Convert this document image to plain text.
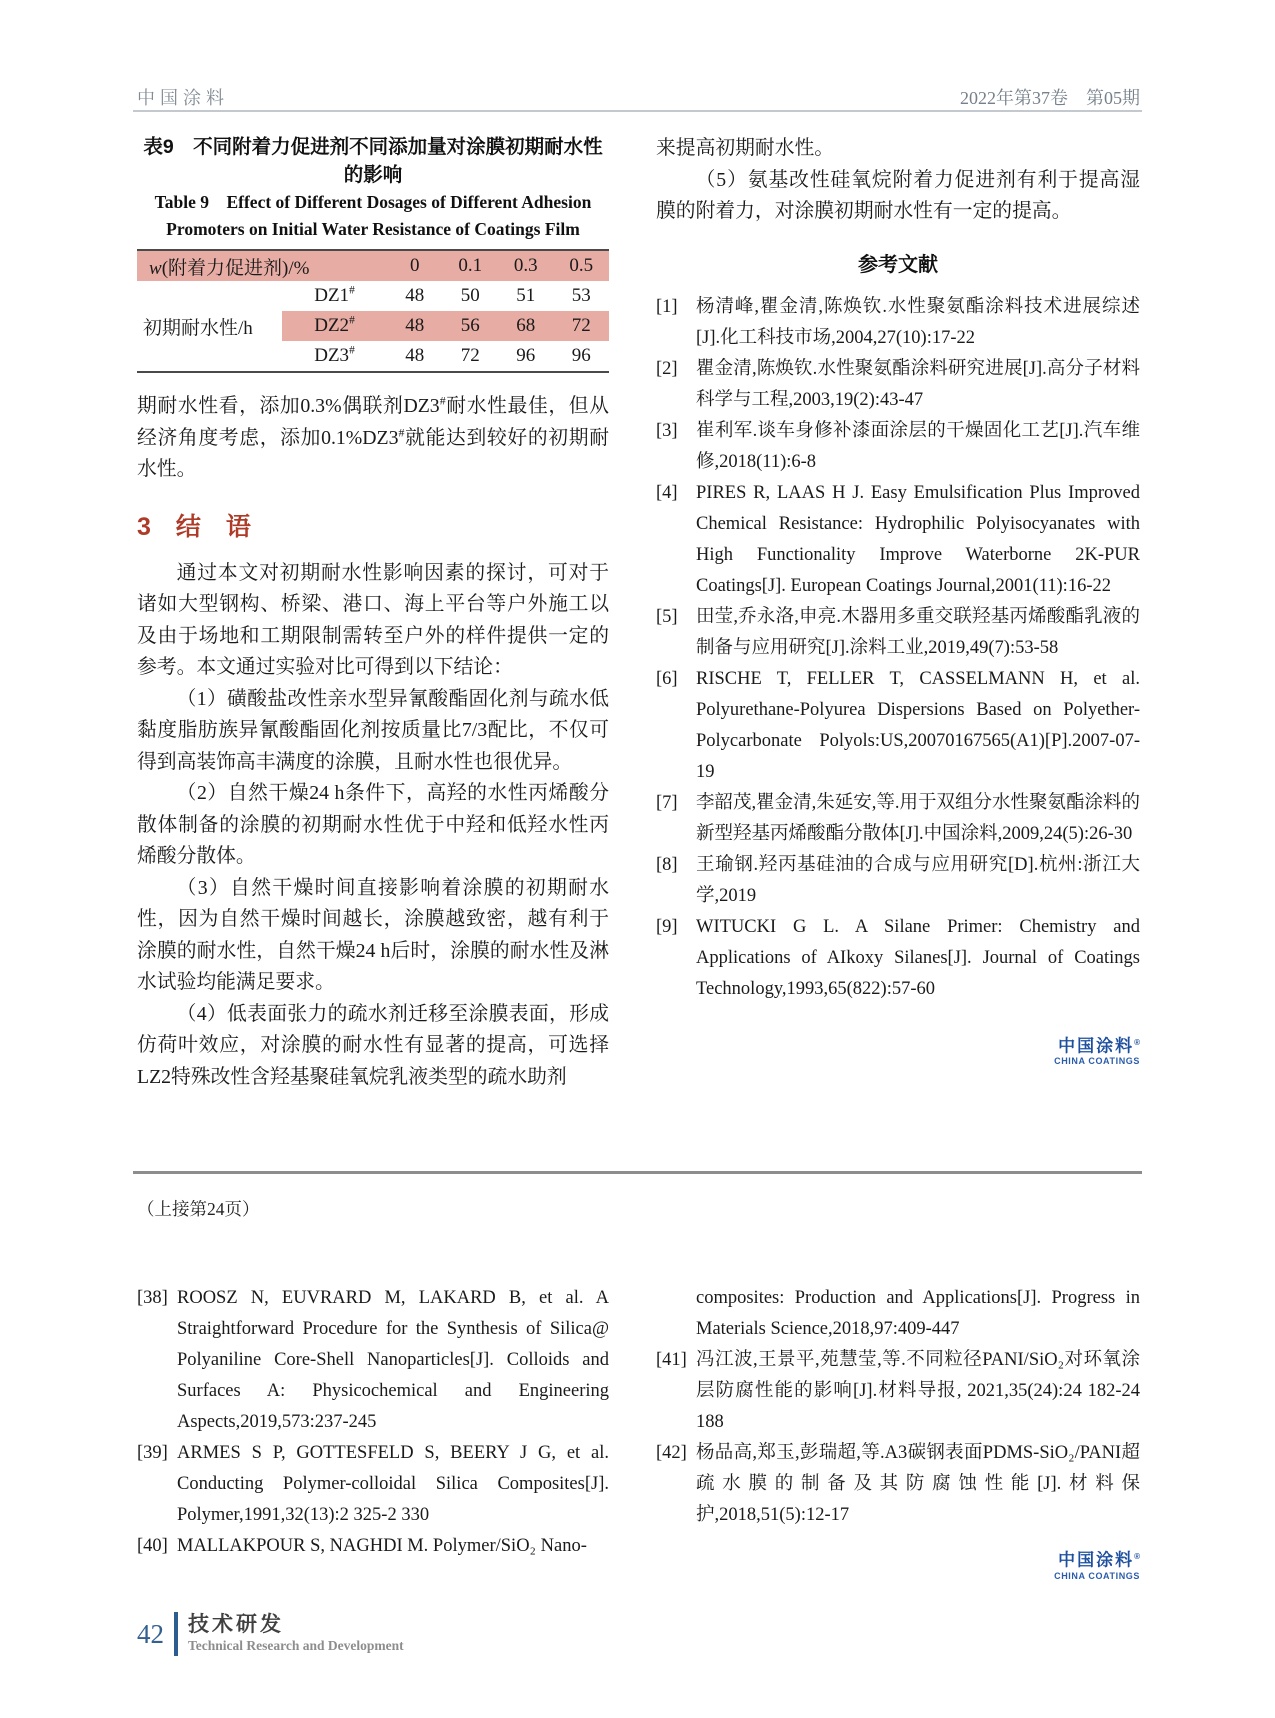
中国涂料	2022年第37卷　第05期
表9　不同附着力促进剂不同添加量对涂膜初期耐水性的影响
Table 9　Effect of Different Dosages of Different Adhesion Promoters on Initial Water Resistance of Coatings Film
w(附着力促进剂)/%	0	0.1	0.3	0.5
初期耐水性/h
DZ1#	48	50	51	53
DZ2#	48	56	68	72
DZ3#	48	72	96	96
期耐水性看，添加0.3%偶联剂DZ3#耐水性最佳，但从经济角度考虑，添加0.1%DZ3#就能达到较好的初期耐水性。
3　结　语
通过本文对初期耐水性影响因素的探讨，可对于诸如大型钢构、桥梁、港口、海上平台等户外施工以及由于场地和工期限制需转至户外的样件提供一定的参考。本文通过实验对比可得到以下结论：
（1）磺酸盐改性亲水型异氰酸酯固化剂与疏水低黏度脂肪族异氰酸酯固化剂按质量比7/3配比，不仅可得到高装饰高丰满度的涂膜，且耐水性也很优异。
（2）自然干燥24 h条件下，高羟的水性丙烯酸分散体制备的涂膜的初期耐水性优于中羟和低羟水性丙烯酸分散体。
（3）自然干燥时间直接影响着涂膜的初期耐水性，因为自然干燥时间越长，涂膜越致密，越有利于涂膜的耐水性，自然干燥24 h后时，涂膜的耐水性及淋水试验均能满足要求。
（4）低表面张力的疏水剂迁移至涂膜表面，形成仿荷叶效应，对涂膜的耐水性有显著的提高，可选择LZ2特殊改性含羟基聚硅氧烷乳液类型的疏水助剂
来提高初期耐水性。
（5）氨基改性硅氧烷附着力促进剂有利于提高湿膜的附着力，对涂膜初期耐水性有一定的提高。
参考文献
[1] 杨清峰,瞿金清,陈焕钦.水性聚氨酯涂料技术进展综述[J].化工科技市场,2004,27(10):17-22
[2] 瞿金清,陈焕钦.水性聚氨酯涂料研究进展[J].高分子材料科学与工程,2003,19(2):43-47
[3] 崔利军.谈车身修补漆面涂层的干燥固化工艺[J].汽车维修,2018(11):6-8
[4] PIRES R, LAAS H J. Easy Emulsification Plus Improved Chemical Resistance: Hydrophilic Polyisocyanates with High Functionality Improve Waterborne 2K-PUR Coatings[J]. European Coatings Journal,2001(11):16-22
[5] 田莹,乔永洛,申亮.木器用多重交联羟基丙烯酸酯乳液的制备与应用研究[J].涂料工业,2019,49(7):53-58
[6] RISCHE T, FELLER T, CASSELMANN H, et al. Polyurethane-Polyurea Dispersions Based on Polyether-Polycarbonate Polyols:US,20070167565(A1)[P].2007-07-19
[7] 李韶茂,瞿金清,朱延安,等.用于双组分水性聚氨酯涂料的新型羟基丙烯酸酯分散体[J].中国涂料,2009,24(5):26-30
[8] 王瑜钢.羟丙基硅油的合成与应用研究[D].杭州:浙江大学,2019
[9] WITUCKI G L. A Silane Primer: Chemistry and Applications of AIkoxy Silanes[J]. Journal of Coatings Technology,1993,65(822):57-60
中国涂料®
CHINA COATINGS
（上接第24页）
[38] ROOSZ N, EUVRARD M, LAKARD B, et al. A Straightforward Procedure for the Synthesis of Silica@ Polyaniline Core-Shell Nanoparticles[J]. Colloids and Surfaces A: Physicochemical and Engineering Aspects,2019,573:237-245
[39] ARMES S P, GOTTESFELD S, BEERY J G, et al. Conducting Polymer-colloidal Silica Composites[J]. Polymer,1991,32(13):2 325-2 330
[40] MALLAKPOUR S, NAGHDI M. Polymer/SiO₂ Nano-
composites: Production and Applications[J]. Progress in Materials Science,2018,97:409-447
[41] 冯江波,王景平,苑慧莹,等.不同粒径PANI/SiO₂对环氧涂层防腐性能的影响[J].材料导报, 2021,35(24):24 182-24 188
[42] 杨品高,郑玉,彭瑞超,等.A3碳钢表面PDMS-SiO₂/PANI超疏水膜的制备及其防腐蚀性能[J].材料保护,2018,51(5):12-17
中国涂料®
CHINA COATINGS
42 技术研发
Technical Research and Development
